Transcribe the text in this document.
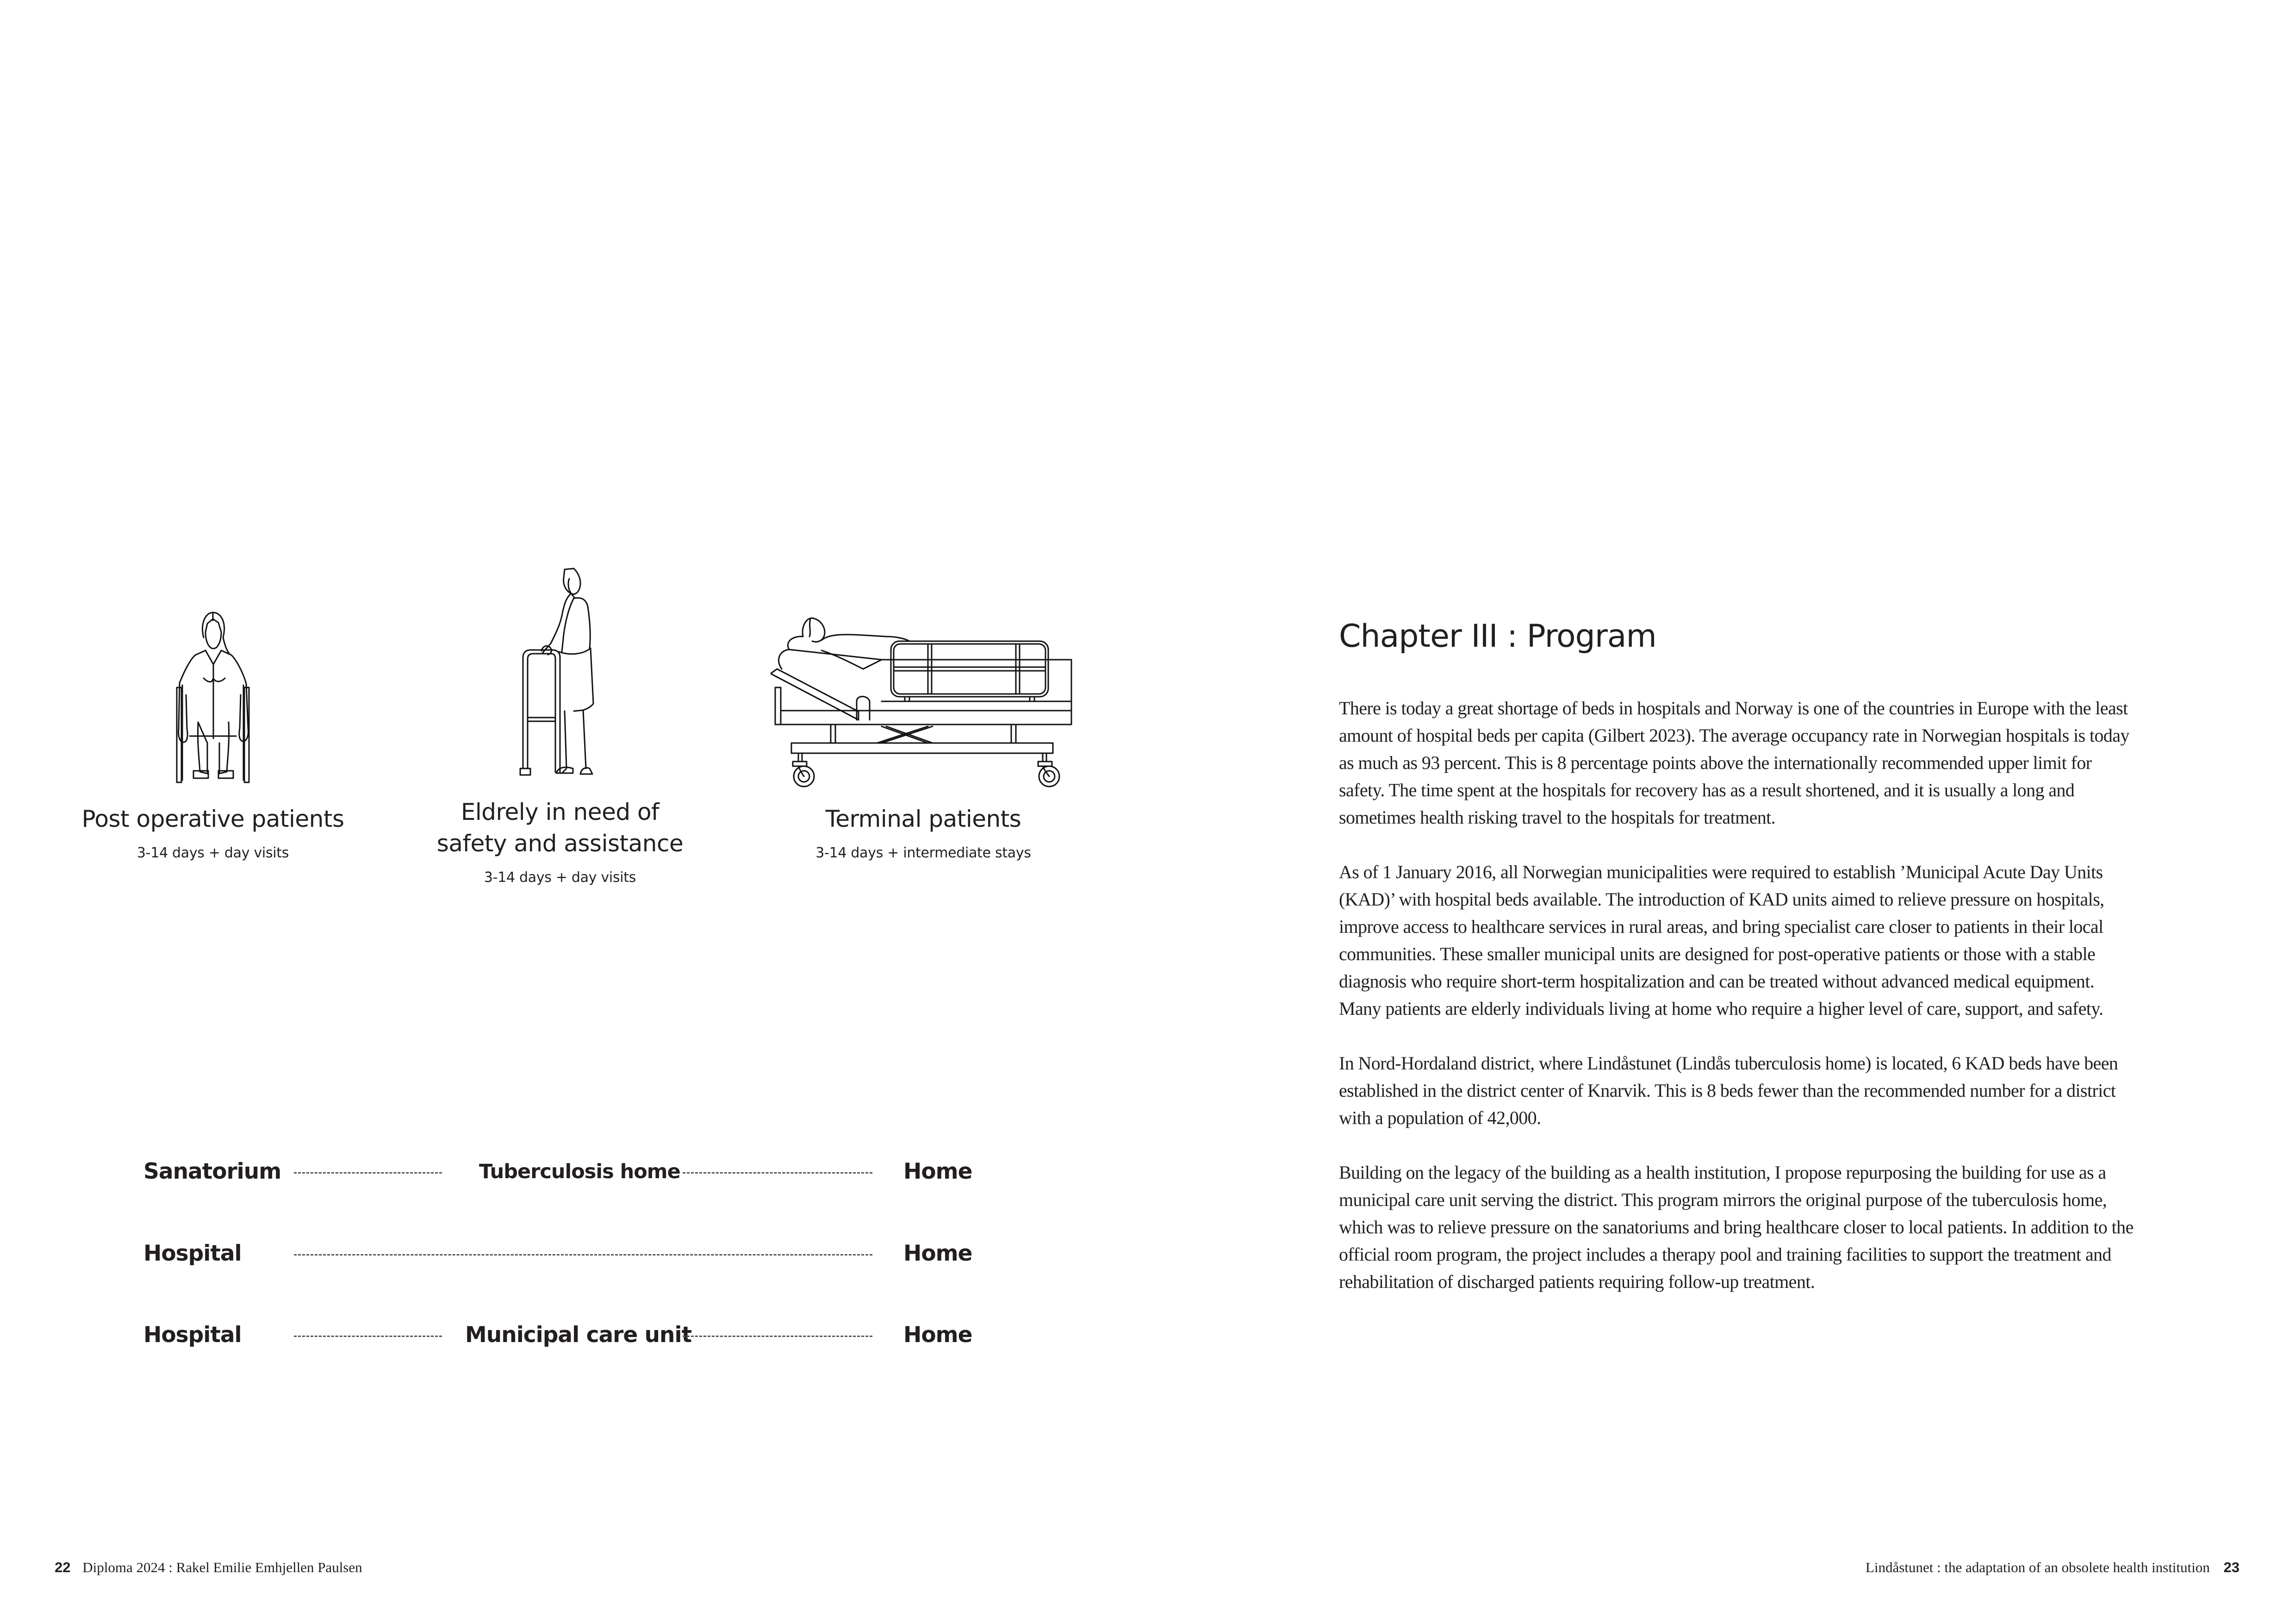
Post operative patients
3-14 days + day visits
Eldrely in need of
safety and assistance
3-14 days + day visits
Terminal patients
3-14 days + intermediate stays
Sanatorium	Tuberculosis home	Home
Hospital	Home
Hospital	Municipal care unit	Home
22 Diploma 2024 : Rakel Emilie Emhjellen Paulsen
Chapter III : Program

There is today a great shortage of beds in hospitals and Norway is one of the countries in Europe with the least amount of hospital beds per capita (Gilbert 2023). The average occupancy rate in Norwegian hospitals is today as much as 93 percent. This is 8 percentage points above the internationally recommended upper limit for safety. The time spent at the hospitals for recovery has as a result shortened, and it is usually a long and sometimes health risking travel to the hospitals for treatment.

As of 1 January 2016, all Norwegian municipalities were required to establish ’Municipal Acute Day Units (KAD)’ with hospital beds available. The introduction of KAD units aimed to relieve pressure on hospitals, improve access to healthcare services in rural areas, and bring specialist care closer to patients in their local communities. These smaller municipal units are designed for post-operative patients or those with a stable diagnosis who require short-term hospitalization and can be treated without advanced medical equipment. Many patients are elderly individuals living at home who require a higher level of care, support, and safety.

In Nord-Hordaland district, where Lindåstunet (Lindås tuberculosis home) is located, 6 KAD beds have been established in the district center of Knarvik. This is 8 beds fewer than the recommended number for a district with a population of 42,000.

Building on the legacy of the building as a health institution, I propose repurposing the building for use as a municipal care unit serving the district. This program mirrors the original purpose of the tuberculosis home, which was to relieve pressure on the sanatoriums and bring healthcare closer to local patients. In addition to the official room program, the project includes a therapy pool and training facilities to support the treatment and rehabilitation of discharged patients requiring follow-up treatment.

Lindåstunet : the adaptation of an obsolete health institution 23
